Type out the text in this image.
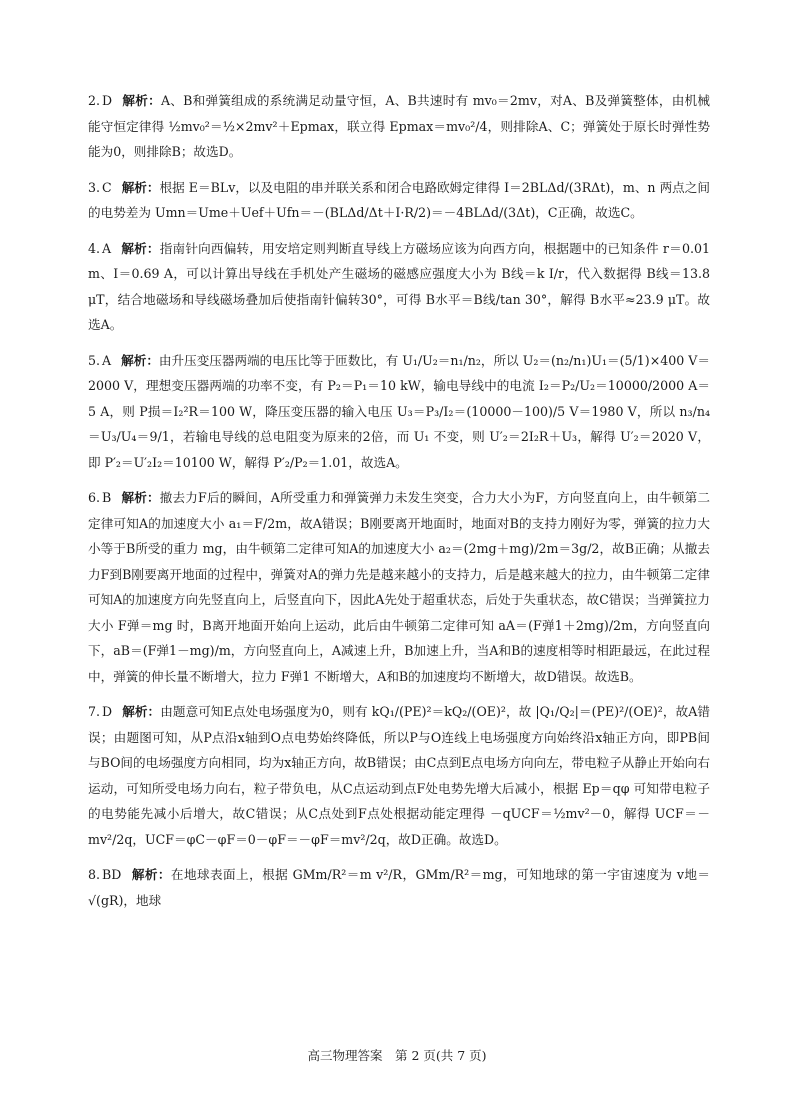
2. D 解析：A、B和弹簧组成的系统满足动量守恒，A、B共速时有 mv₀＝2mv，对A、B及弹簧整体，由机械能守恒定律得 ½mv₀²＝½×2mv²＋Epmax，联立得 Epmax＝mv₀²/4，则排除A、C；弹簧处于原长时弹性势能为0，则排除B；故选D。
3. C 解析：根据 E＝BLv，以及电阻的串并联关系和闭合电路欧姆定律得 I＝2BLΔd/(3RΔt)，m、n 两点之间的电势差为 Umn＝Ume＋Uef＋Ufn＝－(BLΔd/Δt＋I·R/2)＝－4BLΔd/(3Δt)，C正确，故选C。
4. A 解析：指南针向西偏转，用安培定则判断直导线上方磁场应该为向西方向，根据题中的已知条件 r＝0.01 m、I＝0.69 A，可以计算出导线在手机处产生磁场的磁感应强度大小为 B线＝k I/r，代入数据得 B线＝13.8 μT，结合地磁场和导线磁场叠加后使指南针偏转30°，可得 B水平＝B线/tan 30°，解得 B水平≈23.9 μT。故选A。
5. A 解析：由升压变压器两端的电压比等于匝数比，有 U₁/U₂＝n₁/n₂，所以 U₂＝(n₂/n₁)U₁＝(5/1)×400 V＝2000 V，理想变压器两端的功率不变，有 P₂＝P₁＝10 kW，输电导线中的电流 I₂＝P₂/U₂＝10000/2000 A＝5 A，则 P损＝I₂²R＝100 W，降压变压器的输入电压 U₃＝P₃/I₂＝(10000－100)/5 V＝1980 V，所以 n₃/n₄＝U₃/U₄＝9/1，若输电导线的总电阻变为原来的2倍，而 U₁ 不变，则 U′₂＝2I₂R＋U₃，解得 U′₂＝2020 V，即 P′₂＝U′₂I₂＝10100 W，解得 P′₂/P₂＝1.01，故选A。
6. B 解析：撤去力F后的瞬间，A所受重力和弹簧弹力未发生突变，合力大小为F，方向竖直向上，由牛顿第二定律可知A的加速度大小 a₁＝F/2m，故A错误；B刚要离开地面时，地面对B的支持力刚好为零，弹簧的拉力大小等于B所受的重力 mg，由牛顿第二定律可知A的加速度大小 a₂＝(2mg＋mg)/2m＝3g/2，故B正确；从撤去力F到B刚要离开地面的过程中，弹簧对A的弹力先是越来越小的支持力，后是越来越大的拉力，由牛顿第二定律可知A的加速度方向先竖直向上，后竖直向下，因此A先处于超重状态，后处于失重状态，故C错误；当弹簧拉力大小 F弹＝mg 时，B离开地面开始向上运动，此后由牛顿第二定律可知 aA＝(F弹1＋2mg)/2m，方向竖直向下，aB＝(F弹1－mg)/m，方向竖直向上，A减速上升，B加速上升，当A和B的速度相等时相距最远，在此过程中，弹簧的伸长量不断增大，拉力 F弹1 不断增大，A和B的加速度均不断增大，故D错误。故选B。
7. D 解析：由题意可知E点处电场强度为0，则有 kQ₁/(PE)²＝kQ₂/(OE)²，故 |Q₁/Q₂|＝(PE)²/(OE)²，故A错误；由题图可知，从P点沿x轴到O点电势始终降低，所以P与O连线上电场强度方向始终沿x轴正方向，即PB间与BO间的电场强度方向相同，均为x轴正方向，故B错误；由C点到E点电场方向向左，带电粒子从静止开始向右运动，可知所受电场力向右，粒子带负电，从C点运动到点F处电势先增大后减小，根据 Ep＝qφ 可知带电粒子的电势能先减小后增大，故C错误；从C点处到F点处根据动能定理得 －qUCF＝½mv²－0，解得 UCF＝－mv²/2q，UCF＝φC－φF＝0－φF＝－φF＝mv²/2q，故D正确。故选D。
8. BD 解析：在地球表面上，根据 GMm/R²＝m v²/R，GMm/R²＝mg，可知地球的第一宇宙速度为 v地＝√(gR)，地球
高三物理答案　第 2 页(共 7 页)
